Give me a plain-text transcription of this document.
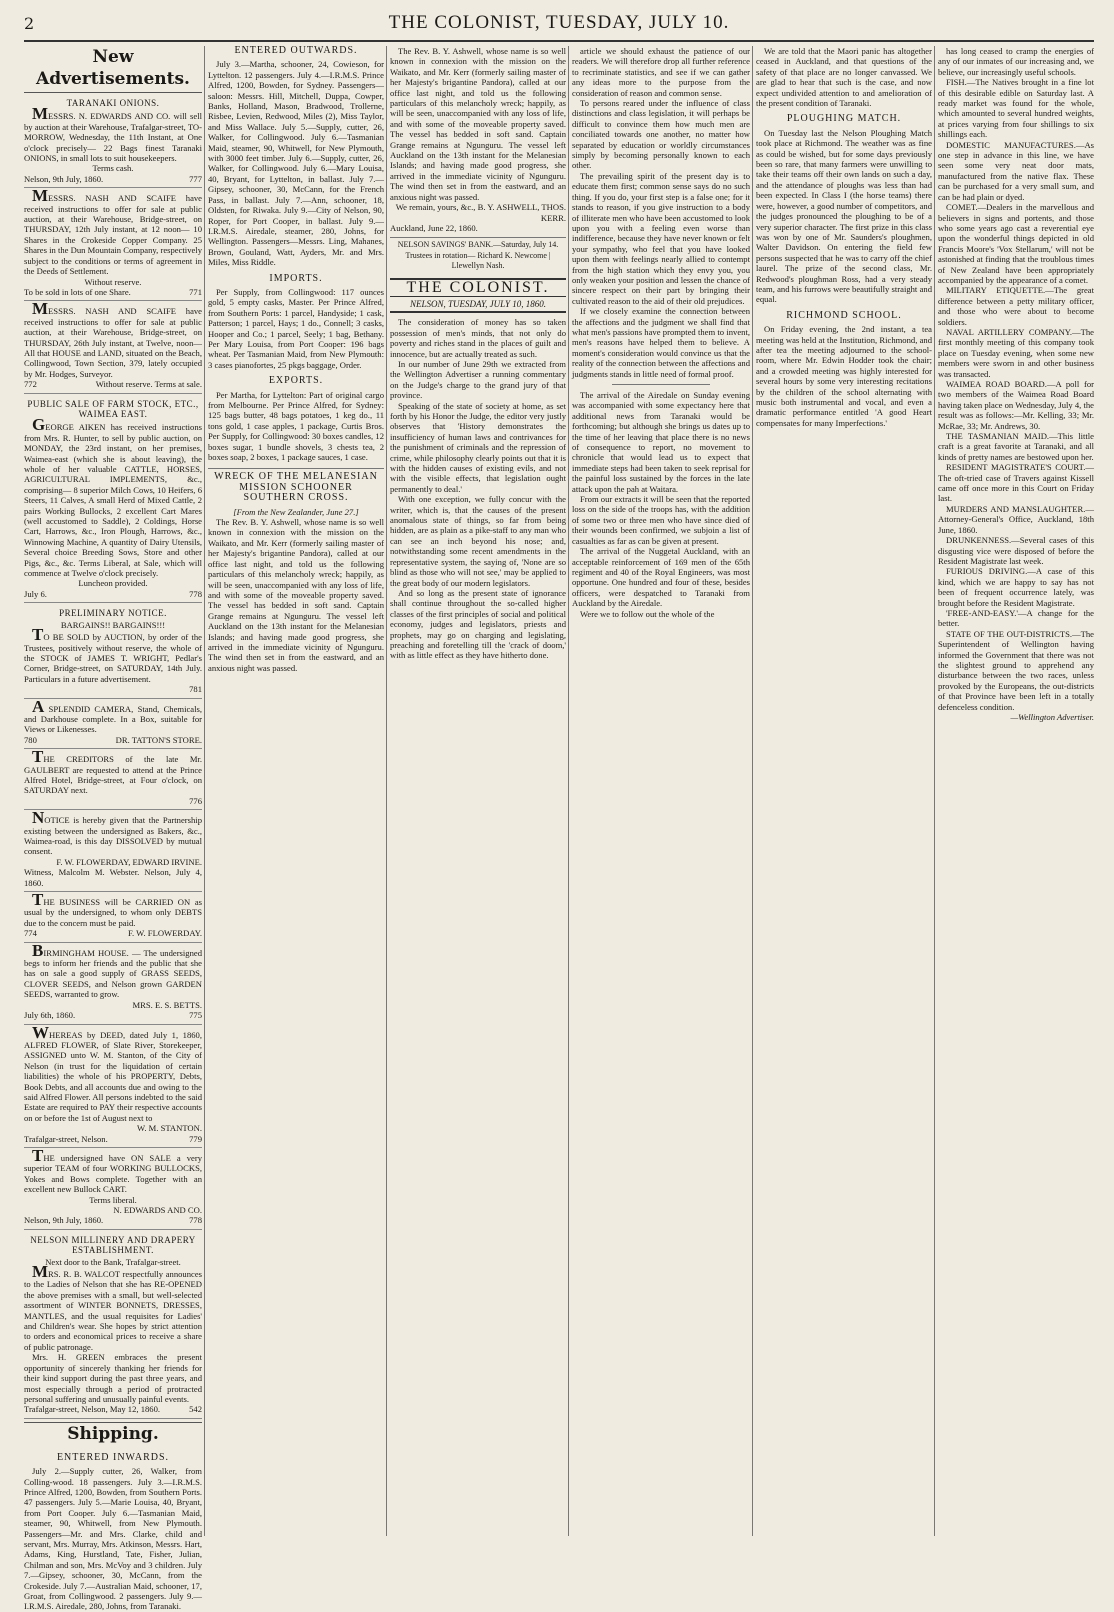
2	THE COLONIST, TUESDAY, JULY 10.
New Advertisements.
TARANAKI ONIONS.

MESSRS. N. EDWARDS AND CO. will sell by auction at their Warehouse, Trafalgar-street, TO-MORROW, Wednesday, the 11th Instant, at One o'clock precisely— 22 Bags finest Taranaki ONIONS, in small lots to suit housekeepers.

Terms cash.
Nelson, 9th July, 1860.	777

MESSRS. NASH AND SCAIFE have received instructions to offer for sale at public auction, at their Warehouse, Bridge-street, on THURSDAY, 12th July instant, at 12 noon— 10 Shares in the Crokeside Copper Company. 25 Shares in the Dun Mountain Company, respectively subject to the conditions or terms of agreement in the Deeds of Settlement.

Without reserve.
To be sold in lots of one Share.	771

MESSRS. NASH AND SCAIFE have received instructions to offer for sale at public auction, at their Warehouse, Bridge-street, on THURSDAY, 26th July instant, at Twelve, noon— All that HOUSE and LAND, situated on the Beach, Collingwood, Town Section, 379, lately occupied by Mr. Hodges, Surveyor.

772	Without reserve. Terms at sale.
PUBLIC SALE OF FARM STOCK, ETC., WAIMEA EAST.

GEORGE AIKEN has received instructions from Mrs. R. Hunter, to sell by public auction, on MONDAY, the 23rd instant, on her premises, Waimea-east (which she is about leaving), the whole of her valuable CATTLE, HORSES, AGRICULTURAL IMPLEMENTS, &c., comprising— 8 superior Milch Cows, 10 Heifers, 6 Steers, 11 Calves, A small Herd of Mixed Cattle, 2 pairs Working Bullocks, 2 excellent Cart Mares (well accustomed to Saddle), 2 Coldings, Horse Cart, Harrows, &c., Iron Plough, Harrows, &c., Winnowing Machine, A quantity of Dairy Utensils, Several choice Breeding Sows, Store and other Pigs, &c., &c. Terms Liberal, at Sale, which will commence at Twelve o'clock precisely.

Luncheon provided.
July 6.	778
PRELIMINARY NOTICE.
BARGAINS!! BARGAINS!!!

TO BE SOLD by AUCTION, by order of the Trustees, positively without reserve, the whole of the STOCK of JAMES T. WRIGHT, Pedlar's Corner, Bridge-street, on SATURDAY, 14th July. Particulars in a future advertisement.

781

A SPLENDID CAMERA, Stand, Chemicals, and Darkhouse complete. In a Box, suitable for Views or Likenesses.

780	DR. TATTON'S STORE.

THE CREDITORS of the late Mr. GAULBERT are requested to attend at the Prince Alfred Hotel, Bridge-street, at Four o'clock, on SATURDAY next.

776

NOTICE is hereby given that the Partnership existing between the undersigned as Bakers, &c., Waimea-road, is this day DISSOLVED by mutual consent.

F. W. FLOWERDAY, EDWARD IRVINE.
Witness, Malcolm M. Webster. Nelson, July 4, 1860.

THE BUSINESS will be CARRIED ON as usual by the undersigned, to whom only DEBTS due to the concern must be paid.

774	F. W. FLOWERDAY.

BIRMINGHAM HOUSE. — The undersigned begs to inform her friends and the public that she has on sale a good supply of GRASS SEEDS, CLOVER SEEDS, and Nelson grown GARDEN SEEDS, warranted to grow.

MRS. E. S. BETTS.
July 6th, 1860.	775

WHEREAS by DEED, dated July 1, 1860, ALFRED FLOWER, of Slate River, Storekeeper, ASSIGNED unto W. M. Stanton, of the City of Nelson (in trust for the liquidation of certain liabilities) the whole of his PROPERTY, Debts, Book Debts, and all accounts due and owing to the said Alfred Flower. All persons indebted to the said Estate are required to PAY their respective accounts on or before the 1st of August next to

W. M. STANTON.
Trafalgar-street, Nelson.	779

THE undersigned have ON SALE a very superior TEAM of four WORKING BULLOCKS, Yokes and Bows complete. Together with an excellent new Bullock CART.

Terms liberal.
N. EDWARDS AND CO.
Nelson, 9th July, 1860.	778
NELSON MILLINERY AND DRAPERY ESTABLISHMENT.
Next door to the Bank, Trafalgar-street.

MRS. R. B. WALCOT respectfully announces to the Ladies of Nelson that she has RE-OPENED the above premises with a small, but well-selected assortment of WINTER BONNETS, DRESSES, MANTLES, and the usual requisites for Ladies' and Children's wear. She hopes by strict attention to orders and economical prices to receive a share of public patronage.

Mrs. H. GREEN embraces the present opportunity of sincerely thanking her friends for their kind support during the past three years, and most especially through a period of protracted personal suffering and unusually painful events.

Trafalgar-street, Nelson, May 12, 1860.	542
Shipping.
ENTERED INWARDS.

July 2.—Supply cutter, 26, Walker, from Colling-wood. 18 passengers. July 3.—I.R.M.S. Prince Alfred, 1200, Bowden, from Southern Ports. 47 passengers. July 5.—Marie Louisa, 40, Bryant, from Port Cooper. July 6.—Tasmanian Maid, steamer, 90, Whitwell, from New Plymouth. Passengers—Mr. and Mrs. Clarke, child and servant, Mrs. Murray, Mrs. Atkinson, Messrs. Hart, Adams, King, Hurstland, Tate, Fisher, Julian, Chilman and son, Mrs. McVoy and 3 children. July 7.—Gipsey, schooner, 30, McCann, from the Crokeside. July 7.—Australian Maid, schooner, 17, Groat, from Collingwood. 2 passengers. July 9.—I.R.M.S. Airedale, 280, Johns, from Taranaki.

ENTERED OUTWARDS.

July 3.—Martha, schooner, 24, Cowieson, for Lyttelton. 12 passengers. July 4.—I.R.M.S. Prince Alfred, 1200, Bowden, for Sydney. Passengers—saloon: Messrs. Hill, Mitchell, Duppa, Cowper, Banks, Holland, Mason, Bradwood, Trollerne, Risbee, Levien, Redwood, Miles (2), Miss Taylor, and Miss Wallace. July 5.—Supply, cutter, 26, Walker, for Collingwood. July 6.—Tasmanian Maid, steamer, 90, Whitwell, for New Plymouth, with 3000 feet timber. July 6.—Supply, cutter, 26, Walker, for Collingwood. July 6.—Mary Louisa, 40, Bryant, for Lyttelton, in ballast. July 7.—Gipsey, schooner, 30, McCann, for the French Pass, in ballast. July 7.—Ann, schooner, 18, Oldsten, for Riwaka. July 9.—City of Nelson, 90, Roper, for Port Cooper, in ballast. July 9.—I.R.M.S. Airedale, steamer, 280, Johns, for Wellington. Passengers—Messrs. Ling, Mahanes, Brown, Gouland, Watt, Ayders, Mr. and Mrs. Miles, Miss Riddle.

IMPORTS.

Per Supply, from Collingwood: 117 ounces gold, 5 empty casks, Master. Per Prince Alfred, from Southern Ports: 1 parcel, Handyside; 1 cask, Patterson; 1 parcel, Hays; 1 do., Connell; 3 casks, Hooper and Co.; 1 parcel, Seely; 1 bag, Bethany. Per Mary Louisa, from Port Cooper: 196 bags wheat. Per Tasmanian Maid, from New Plymouth: 3 cases pianofortes, 25 pkgs baggage, Order.

EXPORTS.

Per Martha, for Lyttelton: Part of original cargo from Melbourne. Per Prince Alfred, for Sydney: 125 bags butter, 48 bags potatoes, 1 keg do., 11 tons gold, 1 case apples, 1 package, Curtis Bros. Per Supply, for Collingwood: 30 boxes candles, 12 boxes sugar, 1 bundle shovels, 3 chests tea, 2 boxes soap, 2 boxes, 1 package sauces, 1 case.

WRECK OF THE MELANESIAN MISSION SCHOONER SOUTHERN CROSS.
[From the New Zealander, June 27.]

The Rev. B. Y. Ashwell, whose name is so well known in connexion with the mission on the Waikato, and Mr. Kerr (formerly sailing master of her Majesty's brigantine Pandora), called at our office last night, and told us the following particulars of this melancholy wreck; happily, as will be seen, unaccompanied with any loss of life, and with some of the moveable property saved. The vessel has bedded in soft sand. Captain Grange remains at Ngunguru. The vessel left Auckland on the 13th instant for the Melanesian Islands; and having made good progress, she arrived in the immediate vicinity of Ngunguru. The wind then set in from the eastward, and an anxious night was passed.

The Rev. B. Y. Ashwell, whose name is so well known in connexion with the mission on the Waikato, and Mr. Kerr (formerly sailing master of her Majesty's brigantine Pandora), called at our office last night, and told us the following particulars of this melancholy wreck; happily, as will be seen, unaccompanied with any loss of life, and with some of the moveable property saved. The vessel has bedded in soft sand. Captain Grange remains at Ngunguru. The vessel left Auckland on the 13th instant for the Melanesian Islands; and having made good progress, she arrived in the immediate vicinity of Ngunguru. The wind then set in from the eastward, and an anxious night was passed.

We remain, yours, &c., B. Y. ASHWELL, THOS. KERR.
Auckland, June 22, 1860.
NELSON SAVINGS' BANK.—Saturday, July 14.
Trustees in rotation— Richard K. Newcome | Llewellyn Nash.
THE COLONIST.
NELSON, TUESDAY, JULY 10, 1860.

The consideration of money has so taken possession of men's minds, that not only do poverty and riches stand in the places of guilt and innocence, but are actually treated as such.

In our number of June 29th we extracted from the Wellington Advertiser a running commentary on the Judge's charge to the grand jury of that province.

Speaking of the state of society at home, as set forth by his Honor the Judge, the editor very justly observes that 'History demonstrates the insufficiency of human laws and contrivances for the punishment of criminals and the repression of crime, while philosophy clearly points out that it is with the hidden causes of existing evils, and not with the visible effects, that legislation ought permanently to deal.'

With one exception, we fully concur with the writer, which is, that the causes of the present anomalous state of things, so far from being hidden, are as plain as a pike-staff to any man who can see an inch beyond his nose; and, notwithstanding some recent amendments in the representative system, the saying of, 'None are so blind as those who will not see,' may be applied to the great body of our modern legislators.

And so long as the present state of ignorance shall continue throughout the so-called higher classes of the first principles of social and political economy, judges and legislators, priests and prophets, may go on charging and legislating, preaching and foretelling till the 'crack of doom,' with as little effect as they have hitherto done.

article we should exhaust the patience of our readers. We will therefore drop all further reference to recriminate statistics, and see if we can gather any ideas more to the purpose from the consideration of reason and common sense.

To persons reared under the influence of class distinctions and class legislation, it will perhaps be difficult to convince them how much men are conciliated towards one another, no matter how separated by education or worldly circumstances simply by becoming personally known to each other.

The prevailing spirit of the present day is to educate them first; common sense says do no such thing. If you do, your first step is a false one; for it stands to reason, if you give instruction to a body of illiterate men who have been accustomed to look upon you with a feeling even worse than indifference, because they have never known or felt your sympathy, who feel that you have looked upon them with feelings nearly allied to contempt from the high station which they envy you, you only weaken your position and lessen the chance of sincere respect on their part by bringing their cultivated reason to the aid of their old prejudices.

If we closely examine the connection between the affections and the judgment we shall find that what men's passions have prompted them to invent, men's reasons have helped them to believe. A moment's consideration would convince us that the reality of the connection between the affections and judgments stands in little need of formal proof.

The arrival of the Airedale on Sunday evening was accompanied with some expectancy here that additional news from Taranaki would be forthcoming; but although she brings us dates up to the time of her leaving that place there is no news of consequence to report, no movement to chronicle that would lead us to expect that immediate steps had been taken to seek reprisal for the painful loss sustained by the forces in the late attack upon the pah at Waitara.

From our extracts it will be seen that the reported loss on the side of the troops has, with the addition of some two or three men who have since died of their wounds been confirmed, we subjoin a list of casualties as far as can be given at present.

The arrival of the Nuggetal Auckland, with an acceptable reinforcement of 169 men of the 65th regiment and 40 of the Royal Engineers, was most opportune. One hundred and four of these, besides officers, were despatched to Taranaki from Auckland by the Airedale.

Were we to follow out the whole of the

We are told that the Maori panic has altogether ceased in Auckland, and that questions of the safety of that place are no longer canvassed. We are glad to hear that such is the case, and now expect undivided attention to and amelioration of the present condition of Taranaki.

PLOUGHING MATCH.

On Tuesday last the Nelson Ploughing Match took place at Richmond. The weather was as fine as could be wished, but for some days previously been so rare, that many farmers were unwilling to take their teams off their own lands on such a day, and the attendance of ploughs was less than had been expected. In Class I (the horse teams) there were, however, a good number of competitors, and the judges pronounced the ploughing to be of a very superior character. The first prize in this class was won by one of Mr. Saunders's ploughmen, Walter Davidson. On entering the field few persons suspected that he was to carry off the chief laurel. The prize of the second class, Mr. Redwood's ploughman Ross, had a very steady team, and his furrows were beautifully straight and equal.

RICHMOND SCHOOL.

On Friday evening, the 2nd instant, a tea meeting was held at the Institution, Richmond, and after tea the meeting adjourned to the school-room, where Mr. Edwin Hodder took the chair; and a crowded meeting was highly interested for several hours by some very interesting recitations by the children of the school alternating with music both instrumental and vocal, and even a dramatic performance entitled 'A good Heart compensates for many Imperfections.'

has long ceased to cramp the energies of any of our inmates of our increasing and, we believe, our increasingly useful schools.

FISH.—The Natives brought in a fine lot of this desirable edible on Saturday last. A ready market was found for the whole, which amounted to several hundred weights, at prices varying from four shillings to six shillings each.

DOMESTIC MANUFACTURES.—As one step in advance in this line, we have seen some very neat door mats, manufactured from the native flax. These can be purchased for a very small sum, and can be had plain or dyed.

COMET.—Dealers in the marvellous and believers in signs and portents, and those who some years ago cast a reverential eye upon the wonderful things depicted in old Francis Moore's 'Vox Stellarum,' will not be astonished at finding that the troublous times of New Zealand have been appropriately accompanied by the appearance of a comet.

MILITARY ETIQUETTE.—The great difference between a petty military officer, and those who were about to become soldiers.

NAVAL ARTILLERY COMPANY.—The first monthly meeting of this company took place on Tuesday evening, when some new members were sworn in and other business was transacted.

WAIMEA ROAD BOARD.—A poll for two members of the Waimea Road Board having taken place on Wednesday, July 4, the result was as follows:—Mr. Kelling, 33; Mr. McRae, 33; Mr. Andrews, 30.

THE TASMANIAN MAID.—This little craft is a great favorite at Taranaki, and all kinds of pretty names are bestowed upon her.

RESIDENT MAGISTRATE'S COURT.—The oft-tried case of Travers against Kissell came off once more in this Court on Friday last.

MURDERS AND MANSLAUGHTER.—Attorney-General's Office, Auckland, 18th June, 1860.

DRUNKENNESS.—Several cases of this disgusting vice were disposed of before the Resident Magistrate last week.

FURIOUS DRIVING.—A case of this kind, which we are happy to say has not been of frequent occurrence lately, was brought before the Resident Magistrate.

'FREE-AND-EASY.'—A change for the better.

STATE OF THE OUT-DISTRICTS.—The Superintendent of Wellington having informed the Government that there was not the slightest ground to apprehend any disturbance between the two races, unless provoked by the Europeans, the out-districts of that Province have been left in a totally defenceless condition.

—Wellington Advertiser.
